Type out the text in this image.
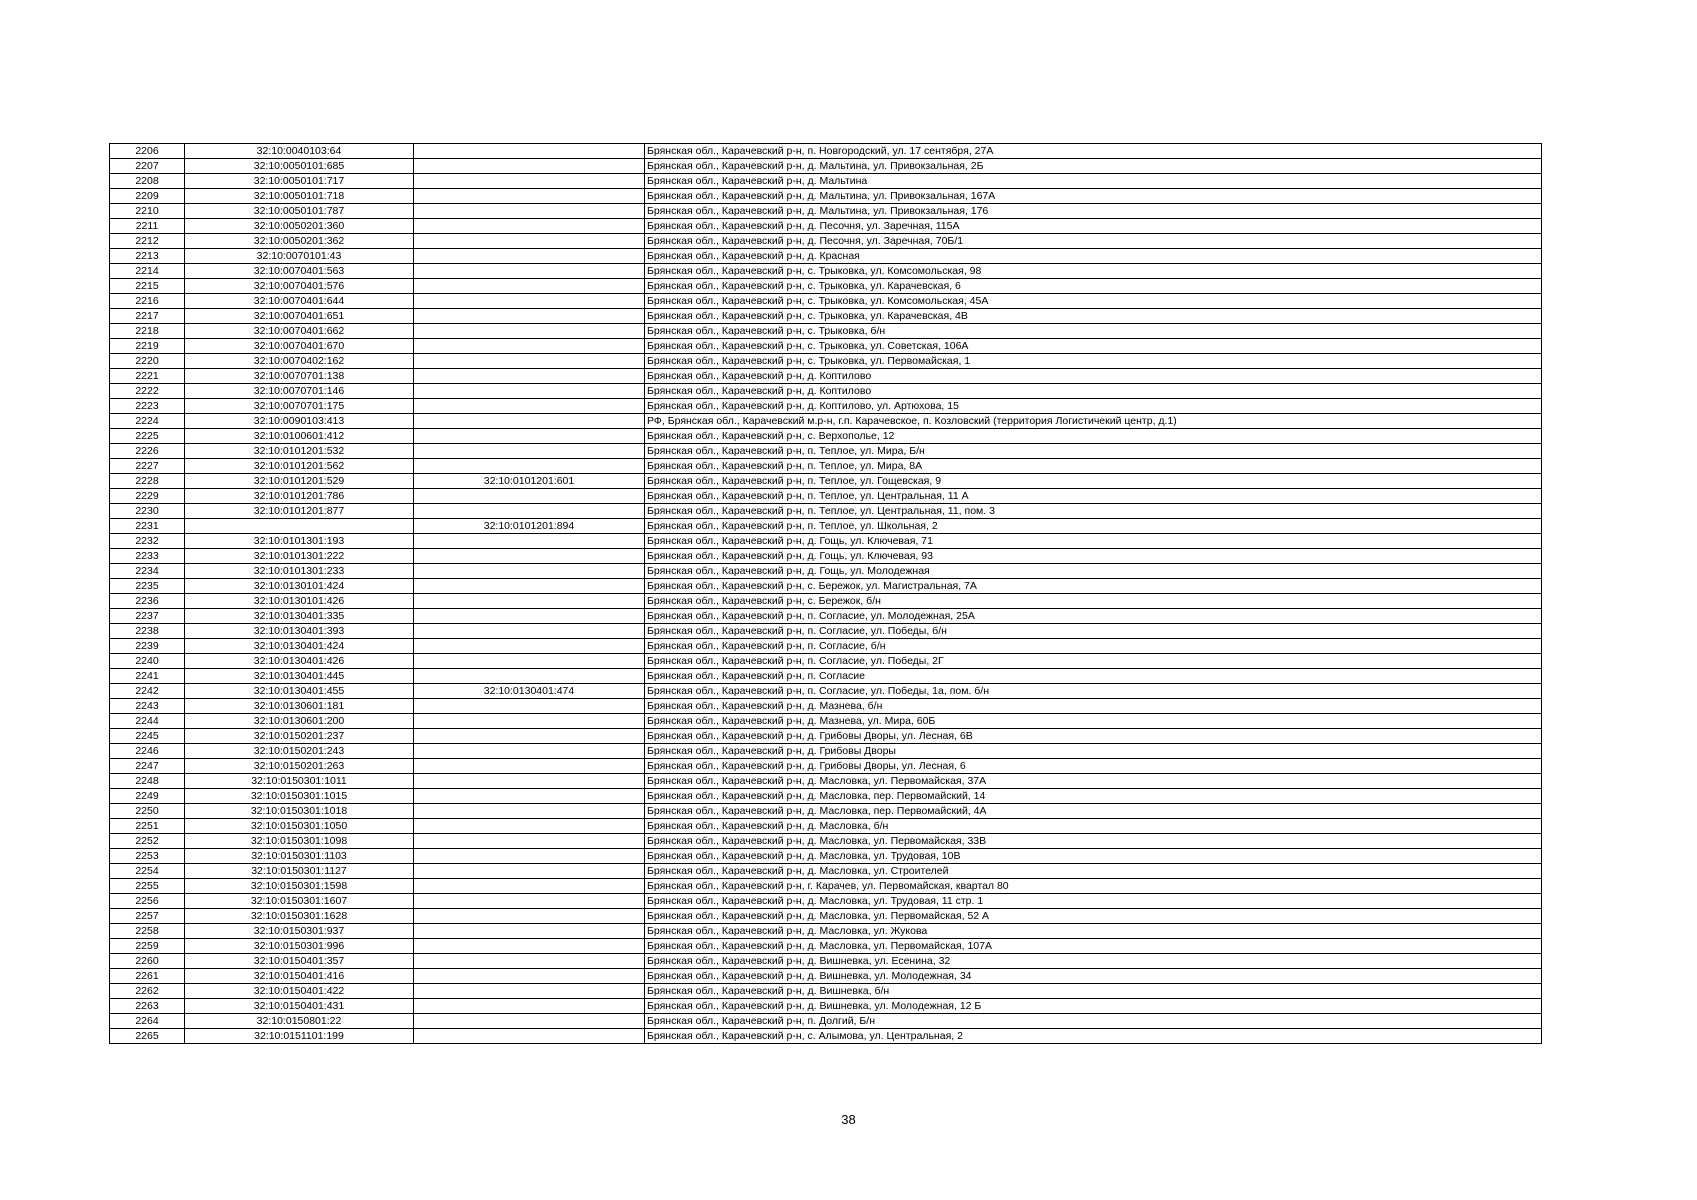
2206	32:10:0040103:64		Брянская обл., Карачевский р-н, п. Новгородский, ул. 17 сентября, 27А
2207	32:10:0050101:685		Брянская обл., Карачевский р-н, д. Мальтина, ул. Привокзальная, 2Б
2208	32:10:0050101:717		Брянская обл., Карачевский р-н, д. Мальтина
2209	32:10:0050101:718		Брянская обл., Карачевский р-н, д. Мальтина, ул. Привокзальная, 167А
2210	32:10:0050101:787		Брянская обл., Карачевский р-н, д. Мальтина, ул. Привокзальная, 176
2211	32:10:0050201:360		Брянская обл., Карачевский р-н, д. Песочня, ул. Заречная, 115А
2212	32:10:0050201:362		Брянская обл., Карачевский р-н, д. Песочня, ул. Заречная, 70Б/1
2213	32:10:0070101:43		Брянская обл., Карачевский р-н, д. Красная
2214	32:10:0070401:563		Брянская обл., Карачевский р-н, с. Трыковка, ул. Комсомольская, 98
2215	32:10:0070401:576		Брянская обл., Карачевский р-н, с. Трыковка, ул. Карачевская, 6
2216	32:10:0070401:644		Брянская обл., Карачевский р-н, с. Трыковка, ул. Комсомольская, 45А
2217	32:10:0070401:651		Брянская обл., Карачевский р-н, с. Трыковка, ул. Карачевская, 4В
2218	32:10:0070401:662		Брянская обл., Карачевский р-н, с. Трыковка, б/н
2219	32:10:0070401:670		Брянская обл., Карачевский р-н, с. Трыковка, ул. Советская, 106А
2220	32:10:0070402:162		Брянская обл., Карачевский р-н, с. Трыковка, ул. Первомайская, 1
2221	32:10:0070701:138		Брянская обл., Карачевский р-н, д. Коптилово
2222	32:10:0070701:146		Брянская обл., Карачевский р-н, д. Коптилово
2223	32:10:0070701:175		Брянская обл., Карачевский р-н, д. Коптилово, ул. Артюхова, 15
2224	32:10:0090103:413		РФ, Брянская обл., Карачевский м.р-н, г.п. Карачевское, п. Козловский (территория Логистичекий центр, д.1)
2225	32:10:0100601:412		Брянская обл., Карачевский р-н, с. Верхополье, 12
2226	32:10:0101201:532		Брянская обл., Карачевский р-н, п. Теплое, ул. Мира, Б/н
2227	32:10:0101201:562		Брянская обл., Карачевский р-н, п. Теплое, ул. Мира, 8А
2228	32:10:0101201:529	32:10:0101201:601	Брянская обл., Карачевский р-н, п. Теплое, ул. Гощевская, 9
2229	32:10:0101201:786		Брянская обл., Карачевский р-н, п. Теплое, ул. Центральная, 11 А
2230	32:10:0101201:877		Брянская обл., Карачевский р-н, п. Теплое, ул. Центральная, 11, пом. 3
2231		32:10:0101201:894	Брянская обл., Карачевский р-н, п. Теплое, ул. Школьная, 2
2232	32:10:0101301:193		Брянская обл., Карачевский р-н, д. Гощь, ул. Ключевая, 71
2233	32:10:0101301:222		Брянская обл., Карачевский р-н, д. Гощь, ул. Ключевая, 93
2234	32:10:0101301:233		Брянская обл., Карачевский р-н, д. Гощь, ул. Молодежная
2235	32:10:0130101:424		Брянская обл., Карачевский р-н, с. Бережок, ул. Магистральная, 7А
2236	32:10:0130101:426		Брянская обл., Карачевский р-н, с. Бережок, б/н
2237	32:10:0130401:335		Брянская обл., Карачевский р-н, п. Согласие, ул. Молодежная, 25А
2238	32:10:0130401:393		Брянская обл., Карачевский р-н, п. Согласие, ул. Победы, б/н
2239	32:10:0130401:424		Брянская обл., Карачевский р-н, п. Согласие, б/н
2240	32:10:0130401:426		Брянская обл., Карачевский р-н, п. Согласие, ул. Победы, 2Г
2241	32:10:0130401:445		Брянская обл., Карачевский р-н, п. Согласие
2242	32:10:0130401:455	32:10:0130401:474	Брянская обл., Карачевский р-н, п. Согласие, ул. Победы, 1а, пом. б/н
2243	32:10:0130601:181		Брянская обл., Карачевский р-н, д. Мазнева, б/н
2244	32:10:0130601:200		Брянская обл., Карачевский р-н, д. Мазнева, ул. Мира, 60Б
2245	32:10:0150201:237		Брянская обл., Карачевский р-н, д. Грибовы Дворы, ул. Лесная, 6В
2246	32:10:0150201:243		Брянская обл., Карачевский р-н, д. Грибовы Дворы
2247	32:10:0150201:263		Брянская обл., Карачевский р-н, д. Грибовы Дворы, ул. Лесная, 6
2248	32:10:0150301:1011		Брянская обл., Карачевский р-н, д. Масловка, ул. Первомайская, 37А
2249	32:10:0150301:1015		Брянская обл., Карачевский р-н, д. Масловка, пер. Первомайский, 14
2250	32:10:0150301:1018		Брянская обл., Карачевский р-н, д. Масловка, пер. Первомайский, 4А
2251	32:10:0150301:1050		Брянская обл., Карачевский р-н, д. Масловка, б/н
2252	32:10:0150301:1098		Брянская обл., Карачевский р-н, д. Масловка, ул. Первомайская, 33В
2253	32:10:0150301:1103		Брянская обл., Карачевский р-н, д. Масловка, ул. Трудовая, 10В
2254	32:10:0150301:1127		Брянская обл., Карачевский р-н, д. Масловка, ул. Строителей
2255	32:10:0150301:1598		Брянская обл., Карачевский р-н, г. Карачев, ул. Первомайская, квартал 80
2256	32:10:0150301:1607		Брянская обл., Карачевский р-н, д. Масловка, ул. Трудовая, 11 стр. 1
2257	32:10:0150301:1628		Брянская обл., Карачевский р-н, д. Масловка, ул. Первомайская, 52 А
2258	32:10:0150301:937		Брянская обл., Карачевский р-н, д. Масловка, ул. Жукова
2259	32:10:0150301:996		Брянская обл., Карачевский р-н, д. Масловка, ул. Первомайская, 107А
2260	32:10:0150401:357		Брянская обл., Карачевский р-н, д. Вишневка, ул. Есенина, 32
2261	32:10:0150401:416		Брянская обл., Карачевский р-н, д. Вишневка, ул. Молодежная, 34
2262	32:10:0150401:422		Брянская обл., Карачевский р-н, д. Вишневка, б/н
2263	32:10:0150401:431		Брянская обл., Карачевский р-н, д. Вишневка, ул. Молодежная, 12 Б
2264	32:10:0150801:22		Брянская обл., Карачевский р-н, п. Долгий, Б/н
2265	32:10:0151101:199		Брянская обл., Карачевский р-н, с. Алымова, ул. Центральная, 2
38
